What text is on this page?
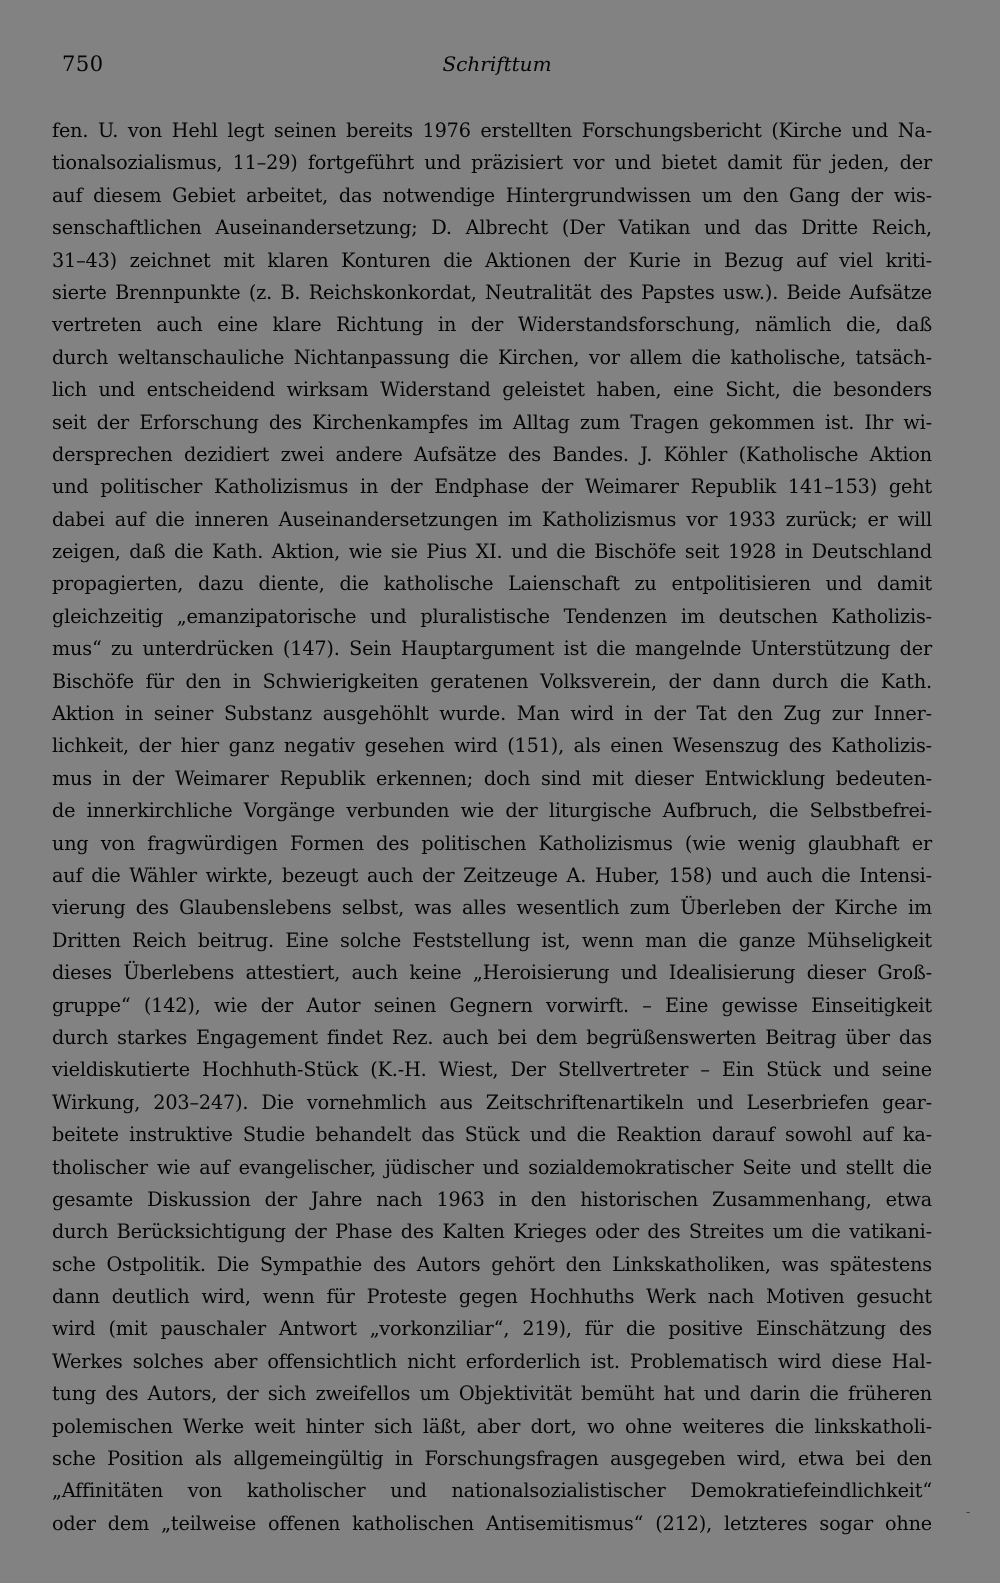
750	Schrifttum
fen. U. von Hehl legt seinen bereits 1976 erstellten Forschungsbericht (Kirche und Na-
tionalsozialismus, 11–29) fortgeführt und präzisiert vor und bietet damit für jeden, der
auf diesem Gebiet arbeitet, das notwendige Hintergrundwissen um den Gang der wis-
senschaftlichen Auseinandersetzung; D. Albrecht (Der Vatikan und das Dritte Reich,
31–43) zeichnet mit klaren Konturen die Aktionen der Kurie in Bezug auf viel kriti-
sierte Brennpunkte (z. B. Reichskonkordat, Neutralität des Papstes usw.). Beide Aufsätze
vertreten auch eine klare Richtung in der Widerstandsforschung, nämlich die, daß
durch weltanschauliche Nichtanpassung die Kirchen, vor allem die katholische, tatsäch-
lich und entscheidend wirksam Widerstand geleistet haben, eine Sicht, die besonders
seit der Erforschung des Kirchenkampfes im Alltag zum Tragen gekommen ist. Ihr wi-
dersprechen dezidiert zwei andere Aufsätze des Bandes. J. Köhler (Katholische Aktion
und politischer Katholizismus in der Endphase der Weimarer Republik 141–153) geht
dabei auf die inneren Auseinandersetzungen im Katholizismus vor 1933 zurück; er will
zeigen, daß die Kath. Aktion, wie sie Pius XI. und die Bischöfe seit 1928 in Deutschland
propagierten, dazu diente, die katholische Laienschaft zu entpolitisieren und damit
gleichzeitig „emanzipatorische und pluralistische Tendenzen im deutschen Katholizis-
mus“ zu unterdrücken (147). Sein Hauptargument ist die mangelnde Unterstützung der
Bischöfe für den in Schwierigkeiten geratenen Volksverein, der dann durch die Kath.
Aktion in seiner Substanz ausgehöhlt wurde. Man wird in der Tat den Zug zur Inner-
lichkeit, der hier ganz negativ gesehen wird (151), als einen Wesenszug des Katholizis-
mus in der Weimarer Republik erkennen; doch sind mit dieser Entwicklung bedeuten-
de innerkirchliche Vorgänge verbunden wie der liturgische Aufbruch, die Selbstbefrei-
ung von fragwürdigen Formen des politischen Katholizismus (wie wenig glaubhaft er
auf die Wähler wirkte, bezeugt auch der Zeitzeuge A. Huber, 158) und auch die Intensi-
vierung des Glaubenslebens selbst, was alles wesentlich zum Überleben der Kirche im
Dritten Reich beitrug. Eine solche Feststellung ist, wenn man die ganze Mühseligkeit
dieses Überlebens attestiert, auch keine „Heroisierung und Idealisierung dieser Groß-
gruppe“ (142), wie der Autor seinen Gegnern vorwirft. – Eine gewisse Einseitigkeit
durch starkes Engagement findet Rez. auch bei dem begrüßenswerten Beitrag über das
vieldiskutierte Hochhuth-Stück (K.-H. Wiest, Der Stellvertreter – Ein Stück und seine
Wirkung, 203–247). Die vornehmlich aus Zeitschriftenartikeln und Leserbriefen gear-
beitete instruktive Studie behandelt das Stück und die Reaktion darauf sowohl auf ka-
tholischer wie auf evangelischer, jüdischer und sozialdemokratischer Seite und stellt die
gesamte Diskussion der Jahre nach 1963 in den historischen Zusammenhang, etwa
durch Berücksichtigung der Phase des Kalten Krieges oder des Streites um die vatikani-
sche Ostpolitik. Die Sympathie des Autors gehört den Linkskatholiken, was spätestens
dann deutlich wird, wenn für Proteste gegen Hochhuths Werk nach Motiven gesucht
wird (mit pauschaler Antwort „vorkonziliar“, 219), für die positive Einschätzung des
Werkes solches aber offensichtlich nicht erforderlich ist. Problematisch wird diese Hal-
tung des Autors, der sich zweifellos um Objektivität bemüht hat und darin die früheren
polemischen Werke weit hinter sich läßt, aber dort, wo ohne weiteres die linkskatholi-
sche Position als allgemeingültig in Forschungsfragen ausgegeben wird, etwa bei den
„Affinitäten von katholischer und nationalsozialistischer Demokratiefeindlichkeit“
oder dem „teilweise offenen katholischen Antisemitismus“ (212), letzteres sogar ohne	-
